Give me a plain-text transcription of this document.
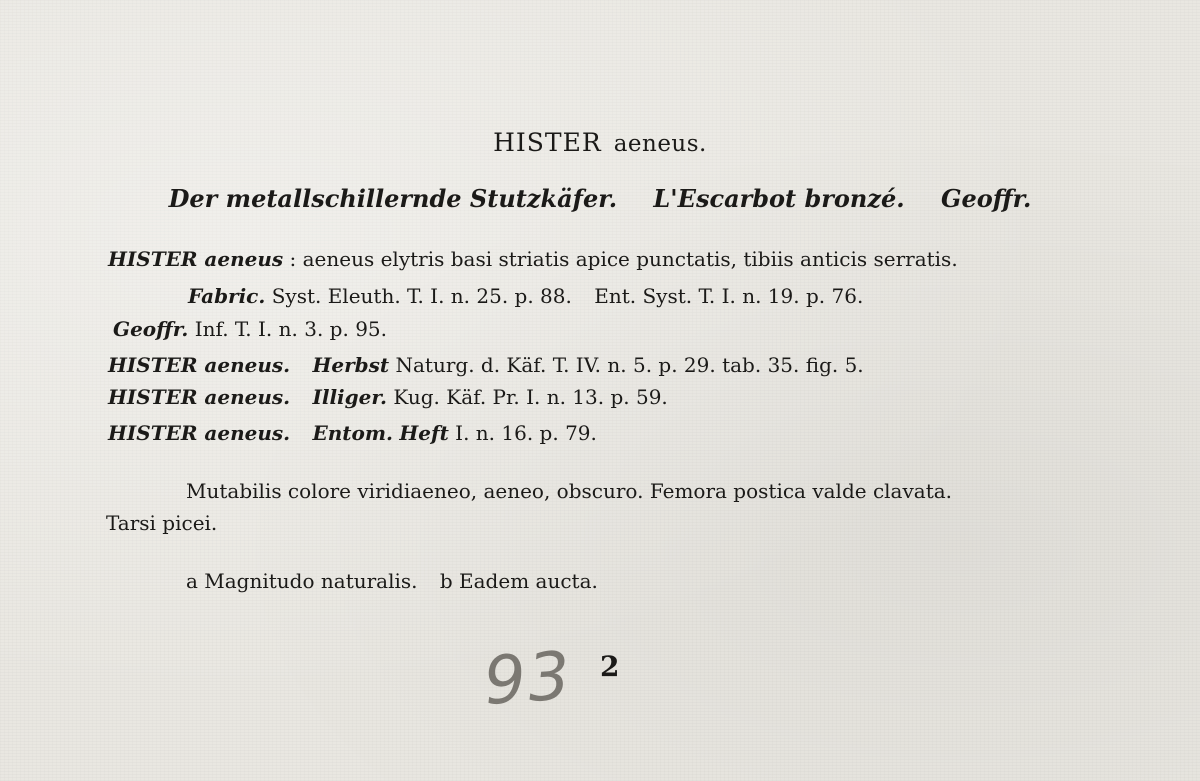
HISTER aeneus.
Der metallschillernde Stutzkäfer. L'Escarbot bronzé. Geoffr.
HISTER aeneus : aeneus elytris basi striatis apice punctatis, tibiis anticis serratis.
Fabric. Syst. Eleuth. T. I. n. 25. p. 88. Ent. Syst. T. I. n. 19. p. 76.
Geoffr. Inf. T. I. n. 3. p. 95.
HISTER aeneus. Herbst Naturg. d. Käf. T. IV. n. 5. p. 29. tab. 35. fig. 5.
HISTER aeneus. Illiger. Kug. Käf. Pr. I. n. 13. p. 59.
HISTER aeneus. Entom. Heft I. n. 16. p. 79.
Mutabilis colore viridiaeneo, aeneo, obscuro. Femora postica valde clavata.
Tarsi picei.
a Magnitudo naturalis. b Eadem aucta.
93 2
